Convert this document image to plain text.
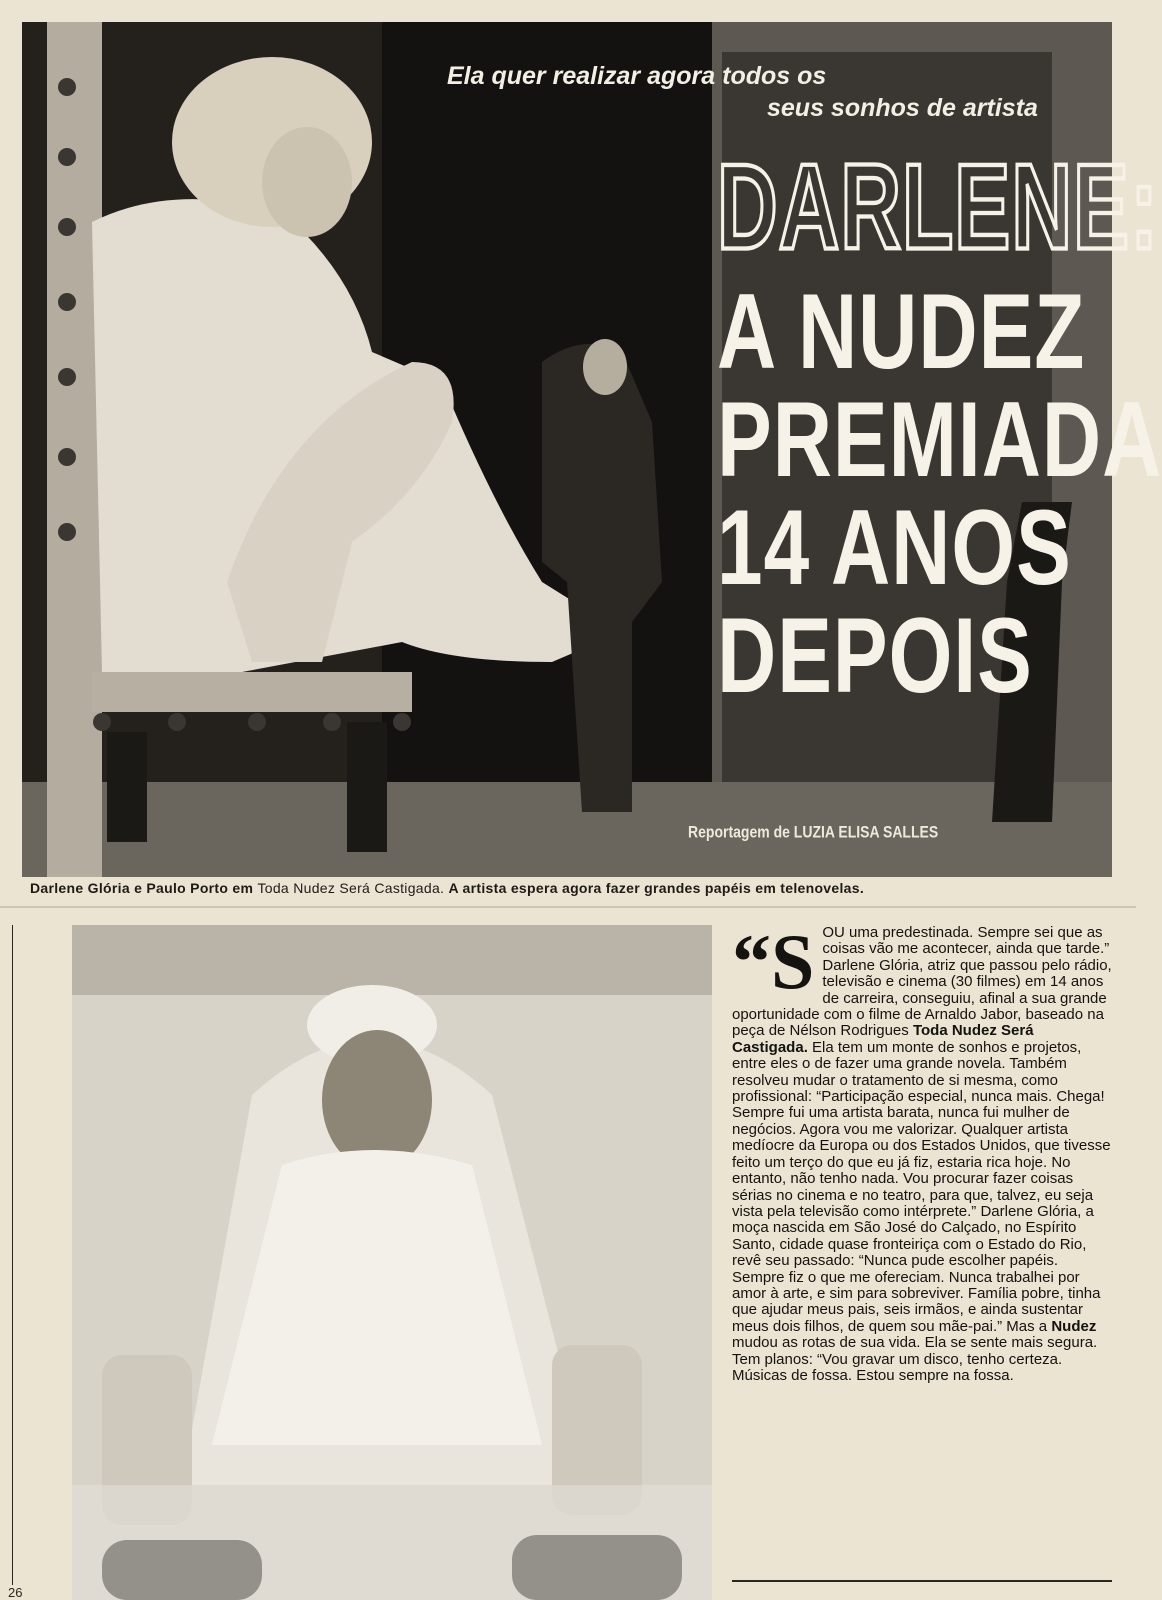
Ela quer realizar agora todos os
seus sonhos de artista
DARLENE:
A NUDEZ
PREMIADA
14 ANOS
DEPOIS
Reportagem de LUZIA ELISA SALLES
Darlene Glória e Paulo Porto em Toda Nudez Será Castigada. A artista espera agora fazer grandes papéis em telenovelas.
“S OU uma predestinada. Sempre sei que as coisas vão me acontecer, ainda que tarde.” Darlene Glória, atriz que passou pelo rádio, televisão e cinema (30 filmes) em 14 anos de carreira, conseguiu, afinal a sua grande oportunidade com o filme de Arnaldo Jabor, baseado na peça de Nélson Rodrigues Toda Nudez Será Castigada. Ela tem um monte de sonhos e projetos, entre eles o de fazer uma grande novela. Também resolveu mudar o tratamento de si mesma, como profissional: “Participação especial, nunca mais. Chega! Sempre fui uma artista barata, nunca fui mulher de negócios. Agora vou me valorizar. Qualquer artista medíocre da Europa ou dos Estados Unidos, que tivesse feito um terço do que eu já fiz, estaria rica hoje. No entanto, não tenho nada. Vou procurar fazer coisas sérias no cinema e no teatro, para que, talvez, eu seja vista pela televisão como intérprete.” Darlene Glória, a moça nascida em São José do Calçado, no Espírito Santo, cidade quase fronteiriça com o Estado do Rio, revê seu passado: “Nunca pude escolher papéis. Sempre fiz o que me ofereciam. Nunca trabalhei por amor à arte, e sim para sobreviver. Família pobre, tinha que ajudar meus pais, seis irmãos, e ainda sustentar meus dois filhos, de quem sou mãe-pai.” Mas a Nudez mudou as rotas de sua vida. Ela se sente mais segura. Tem planos: “Vou gravar um disco, tenho certeza. Músicas de fossa. Estou sempre na fossa.

26
